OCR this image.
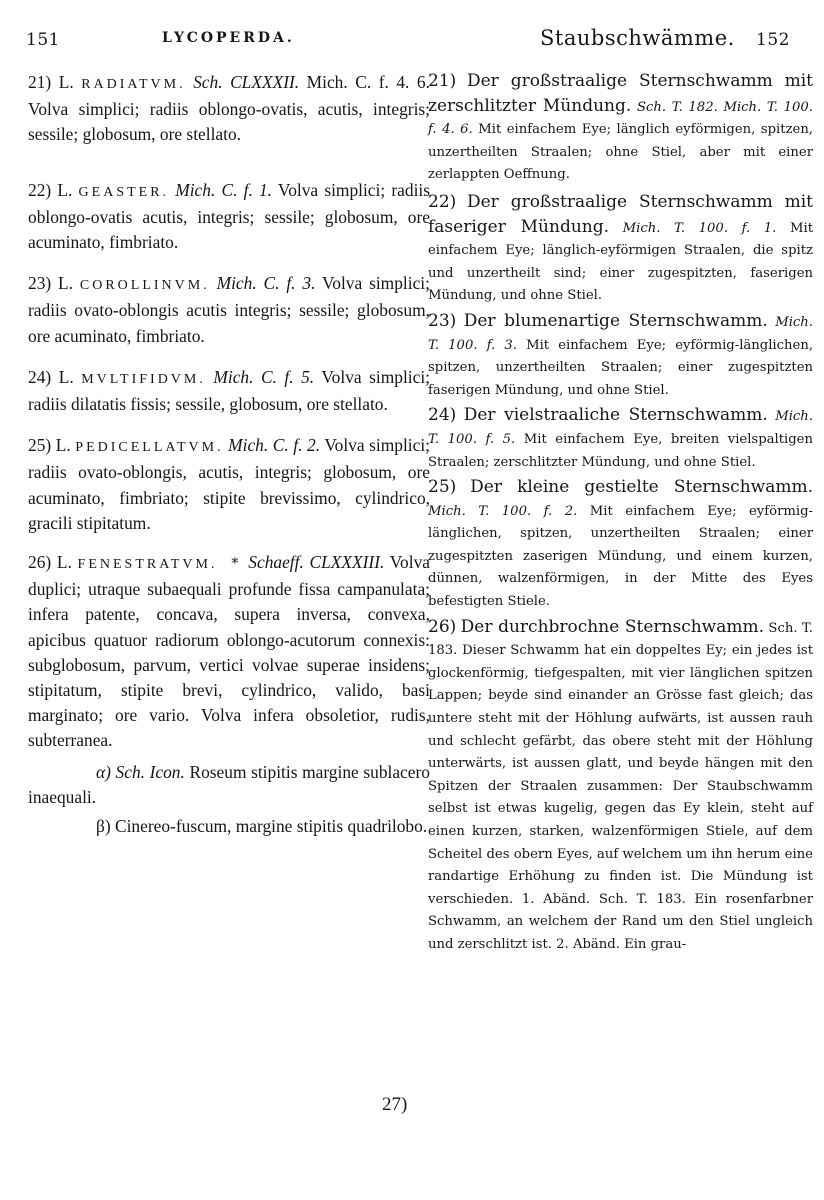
151	LYCOPERDA.	Staubschwämme. 152

21) L. RADIATVM. Sch. CLXXXII. Mich. C. f. 4. 6. Volva simplici; radiis oblongo-ovatis, acutis, integris; sessile; globosum, ore stellato.

22) L. GEASTER. Mich. C. f. 1. Volva simplici; radiis oblongo-ovatis acutis, integris; sessile; globosum, ore acuminato, fimbriato.

23) L. COROLLINVM. Mich. C. f. 3. Volva simplici; radiis ovato-oblongis acutis integris; sessile; globosum, ore acuminato, fimbriato.

24) L. MVLTIFIDVM. Mich. C. f. 5. Volva simplici; radiis dilatatis fissis; sessile, globosum, ore stellato.

25) L. PEDICELLATVM. Mich. C. f. 2. Volva simplici; radiis ovato-oblongis, acutis, integris; globosum, ore acuminato, fimbriato; stipite brevissimo, cylindrico, gracili stipitatum.

26) L. FENESTRATVM. * Schaeff. CLXXXIII. Volva duplici; utraque subaequali profunde fissa campanulata; infera patente, concava, supera inversa, convexa, apicibus quatuor radiorum oblongo-acutorum connexis: subglobosum, parvum, vertici volvae superae insidens; stipitatum, stipite brevi, cylindrico, valido, basi marginato; ore vario. Volva infera obsoletior, rudis, subterranea.

α) Sch. Icon. Roseum stipitis margine sublacero inaequali.

β) Cinereo-fuscum, margine stipitis quadrilobo.

21) Der großstraalige Sternschwamm mit zerschlitzter Mündung. Sch. T. 182. Mich. T. 100. f. 4. 6. Mit einfachem Eye; länglich eyförmigen, spitzen, unzertheilten Straalen; ohne Stiel, aber mit einer zerlappten Oeffnung.

22) Der großstraalige Sternschwamm mit faseriger Mündung. Mich. T. 100. f. 1. Mit einfachem Eye; länglich-eyförmigen Straalen, die spitz und unzertheilt sind; einer zugespitzten, faserigen Mündung, und ohne Stiel.

23) Der blumenartige Sternschwamm. Mich. T. 100. f. 3. Mit einfachem Eye; eyförmig-länglichen, spitzen, unzertheilten Straalen; einer zugespitzten faserigen Mündung, und ohne Stiel.

24) Der vielstraaliche Sternschwamm. Mich. T. 100. f. 5. Mit einfachem Eye, breiten vielspaltigen Straalen; zerschlitzter Mündung, und ohne Stiel.

25) Der kleine gestielte Sternschwamm. Mich. T. 100. f. 2. Mit einfachem Eye; eyförmig-länglichen, spitzen, unzertheilten Straalen; einer zugespitzten zaserigen Mündung, und einem kurzen, dünnen, walzenförmigen, in der Mitte des Eyes befestigten Stiele.

26) Der durchbrochne Sternschwamm. Sch. T. 183. Dieser Schwamm hat ein doppeltes Ey; ein jedes ist glockenförmig, tiefgespalten, mit vier länglichen spitzen Lappen; beyde sind einander an Grösse fast gleich; das untere steht mit der Höhlung aufwärts, ist aussen rauh und schlecht gefärbt, das obere steht mit der Höhlung unterwärts, ist aussen glatt, und beyde hängen mit den Spitzen der Straalen zusammen: Der Staubschwamm selbst ist etwas kugelig, gegen das Ey klein, steht auf einen kurzen, starken, walzenförmigen Stiele, auf dem Scheitel des obern Eyes, auf welchem um ihn herum eine randartige Erhöhung zu finden ist. Die Mündung ist verschieden. 1. Abänd. Sch. T. 183. Ein rosenfarbner Schwamm, an welchem der Rand um den Stiel ungleich und zerschlitzt ist. 2. Abänd. Ein grau-

27)
